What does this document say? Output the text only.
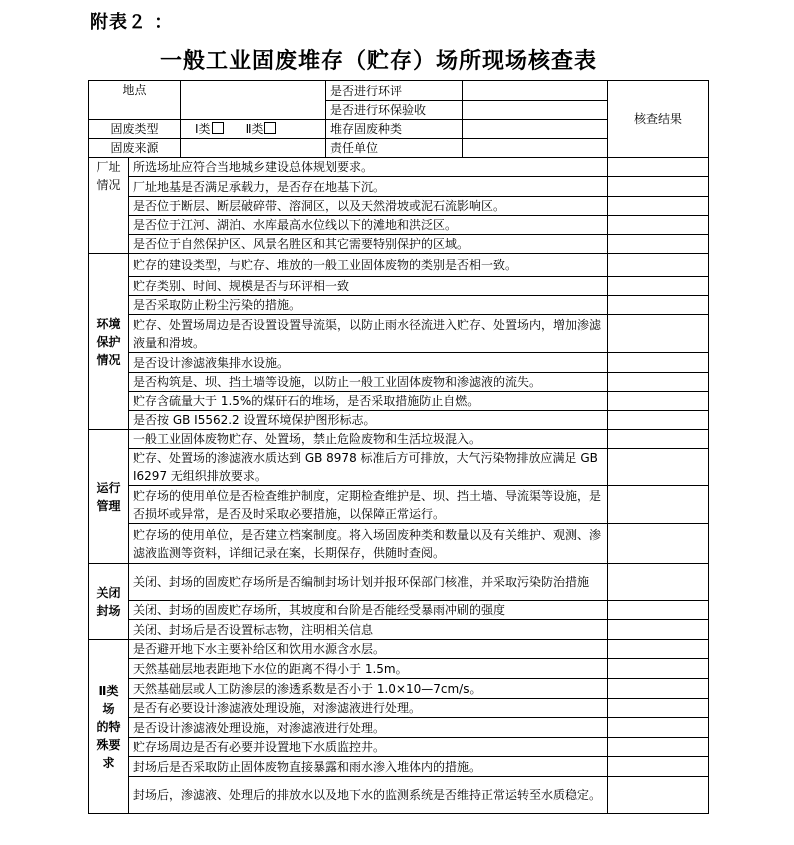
附表２ ：
一般工业固废堆存（贮存）场所现场核查表
地点			是否进行环评		核查结果
			是否进行环保验收		
固废类型		Ⅰ类 Ⅱ类	堆存固废种类		
固废来源			责任单位		
厂址
情况	所选场址应符合当地城乡建设总体规划要求。				
	厂址地基是否满足承载力，是否存在地基下沉。				
	是否位于断层、断层破碎带、溶洞区，以及天然滑坡或泥石流影响区。				
	是否位于江河、湖泊、水库最高水位线以下的滩地和洪泛区。				
	是否位于自然保护区、风景名胜区和其它需要特别保护的区域。				
环境
保护
情况	贮存的建设类型，与贮存、堆放的一般工业固体废物的类别是否相一致。				
	贮存类别、时间、规模是否与环评相一致				
	是否采取防止粉尘污染的措施。				
	贮存、处置场周边是否设置设置导流渠，以防止雨水径流进入贮存、处置场内，增加渗滤液量和滑坡。				
	是否设计渗滤液集排水设施。				
	是否构筑是、坝、挡土墙等设施，以防止一般工业固体废物和渗滤液的流失。				
	贮存含硫量大于 1.5%的煤矸石的堆场，是否采取措施防止自燃。				
	是否按 GB I5562.2 设置环境保护图形标志。				
运行
管理	一般工业固体废物贮存、处置场，禁止危险废物和生活垃圾混入。				
	贮存、处置场的渗滤液水质达到 GB 8978 标准后方可排放，大气污染物排放应满足 GB I6297 无组织排放要求。				
	贮存场的使用单位是否检查维护制度，定期检查维护是、坝、挡土墙、导流渠等设施，是否损坏或异常，是否及时采取必要措施，以保障正常运行。				
	贮存场的使用单位，是否建立档案制度。将入场固废种类和数量以及有关维护、观测、渗滤液监测等资料，详细记录在案，长期保存，供随时查阅。				
关闭
封场	关闭、封场的固废贮存场所是否编制封场计划并报环保部门核准，并采取污染防治措施				
	关闭、封场的固废贮存场所，其坡度和台阶是否能经受暴雨冲刷的强度				
	关闭、封场后是否设置标志物，注明相关信息				
Ⅱ类场
的特
殊要
求	是否避开地下水主要补给区和饮用水源含水层。				
	天然基础层地表距地下水位的距离不得小于 1.5m。				
	天然基础层或人工防渗层的渗透系数是否小于 1.0×10—7cm/s。				
	是否有必要设计渗滤液处理设施，对渗滤液进行处理。				
	是否设计渗滤液处理设施，对渗滤液进行处理。				
	贮存场周边是否有必要并设置地下水质监控井。				
	封场后是否采取防止固体废物直接暴露和雨水渗入堆体内的措施。				
	封场后，渗滤液、处理后的排放水以及地下水的监测系统是否维持正常运转至水质稳定。				
